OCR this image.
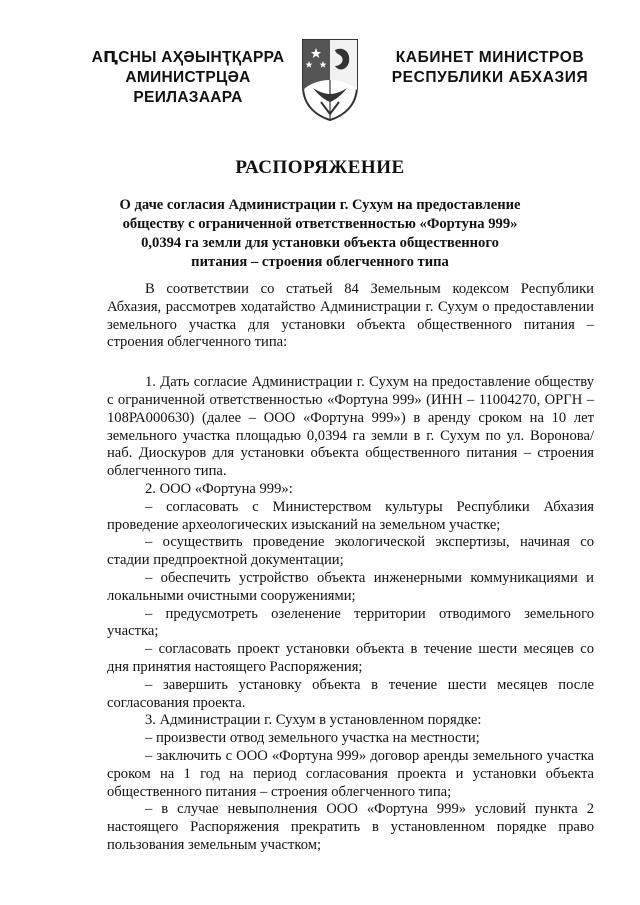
АԤСНЫ АҲӘЫНҬҚАРРА
АМИНИСТРЦӘА РЕИЛАЗААРА
КАБИНЕТ МИНИСТРОВ
РЕСПУБЛИКИ АБХАЗИЯ
РАСПОРЯЖЕНИЕ
О даче согласия Администрации г. Сухум на предоставление
обществу с ограниченной ответственностью «Фортуна 999»
0,0394 га земли для установки объекта общественного
питания – строения облегченного типа

В соответствии со статьей 84 Земельным кодексом Республики Абхазия, рассмотрев ходатайство Администрации г. Сухум о предоставлении земельного участка для установки объекта общественного питания – строения облегченного типа:

1. Дать согласие Администрации г. Сухум на предоставление обществу с ограниченной ответственностью «Фортуна 999» (ИНН – 11004270, ОРГН – 108РА000630) (далее – ООО «Фортуна 999») в аренду сроком на 10 лет земельного участка площадью 0,0394 га земли в г. Сухум по ул. Воронова/наб. Диоскуров для установки объекта общественного питания – строения облегченного типа.

2. ООО «Фортуна 999»:

– согласовать с Министерством культуры Республики Абхазия проведение археологических изысканий на земельном участке;

– осуществить проведение экологической экспертизы, начиная со стадии предпроектной документации;

– обеспечить устройство объекта инженерными коммуникациями и локальными очистными сооружениями;

– предусмотреть озеленение территории отводимого земельного участка;

– согласовать проект установки объекта в течение шести месяцев со дня принятия настоящего Распоряжения;

– завершить установку объекта в течение шести месяцев после согласования проекта.

3. Администрации г. Сухум в установленном порядке:

– произвести отвод земельного участка на местности;

– заключить с ООО «Фортуна 999» договор аренды земельного участка сроком на 1 год на период согласования проекта и установки объекта общественного питания – строения облегченного типа;

– в случае невыполнения ООО «Фортуна 999» условий пункта 2 настоящего Распоряжения прекратить в установленном порядке право пользования земельным участком;
